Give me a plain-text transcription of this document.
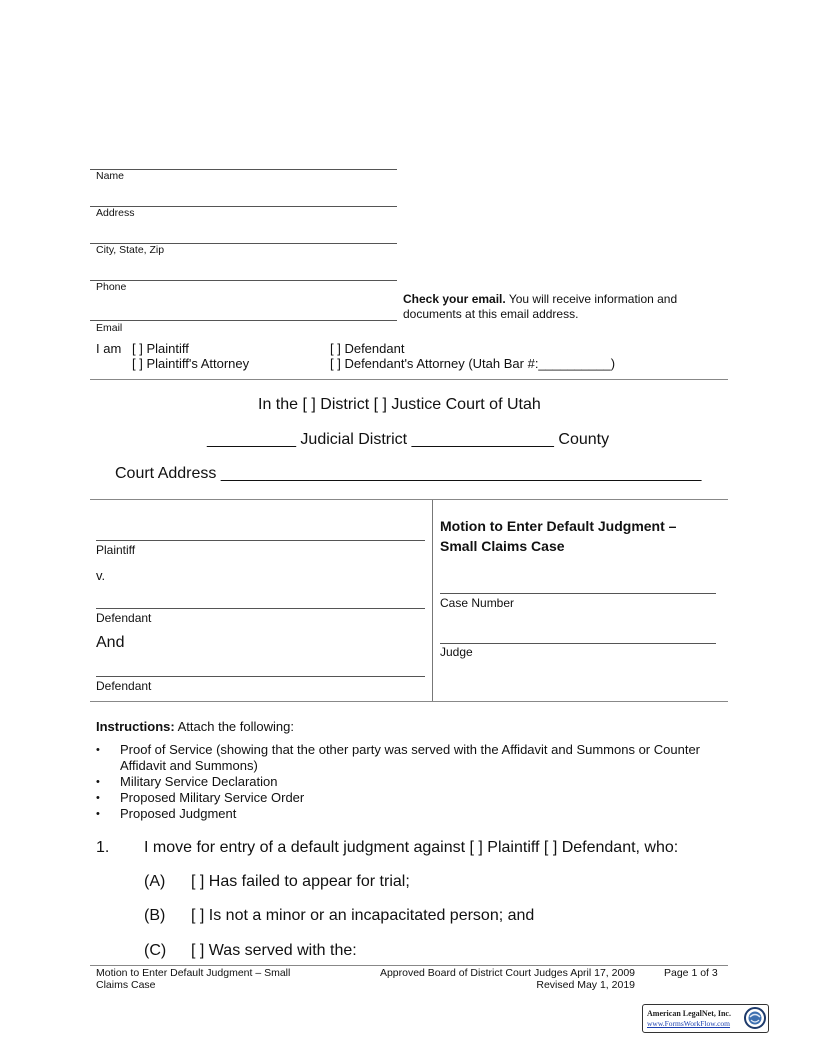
Name
Address
City, State, Zip
Phone
Email
Check your email. You will receive information and
documents at this email address.
I am [ ] Plaintiff
[ ] Plaintiff's Attorney
[ ] Defendant
[ ] Defendant's Attorney (Utah Bar #:__________)
In the [ ] District [ ] Justice Court of Utah
__________ Judicial District ________________ County
Court Address ______________________________________________________
Plaintiff
v.
Defendant
And
Defendant
Motion to Enter Default Judgment –
Small Claims Case
Case Number
Judge
Instructions: Attach the following:
• Proof of Service (showing that the other party was served with the Affidavit and Summons or Counter Affidavit and Summons)
• Military Service Declaration
• Proposed Military Service Order
• Proposed Judgment
1. I move for entry of a default judgment against [ ] Plaintiff [ ] Defendant, who:
(A) [ ] Has failed to appear for trial;
(B) [ ] Is not a minor or an incapacitated person; and
(C) [ ] Was served with the:
Motion to Enter Default Judgment – Small
Claims Case
Approved Board of District Court Judges April 17, 2009
Revised May 1, 2019
Page 1 of 3
American LegalNet, Inc.
www.FormsWorkFlow.com
